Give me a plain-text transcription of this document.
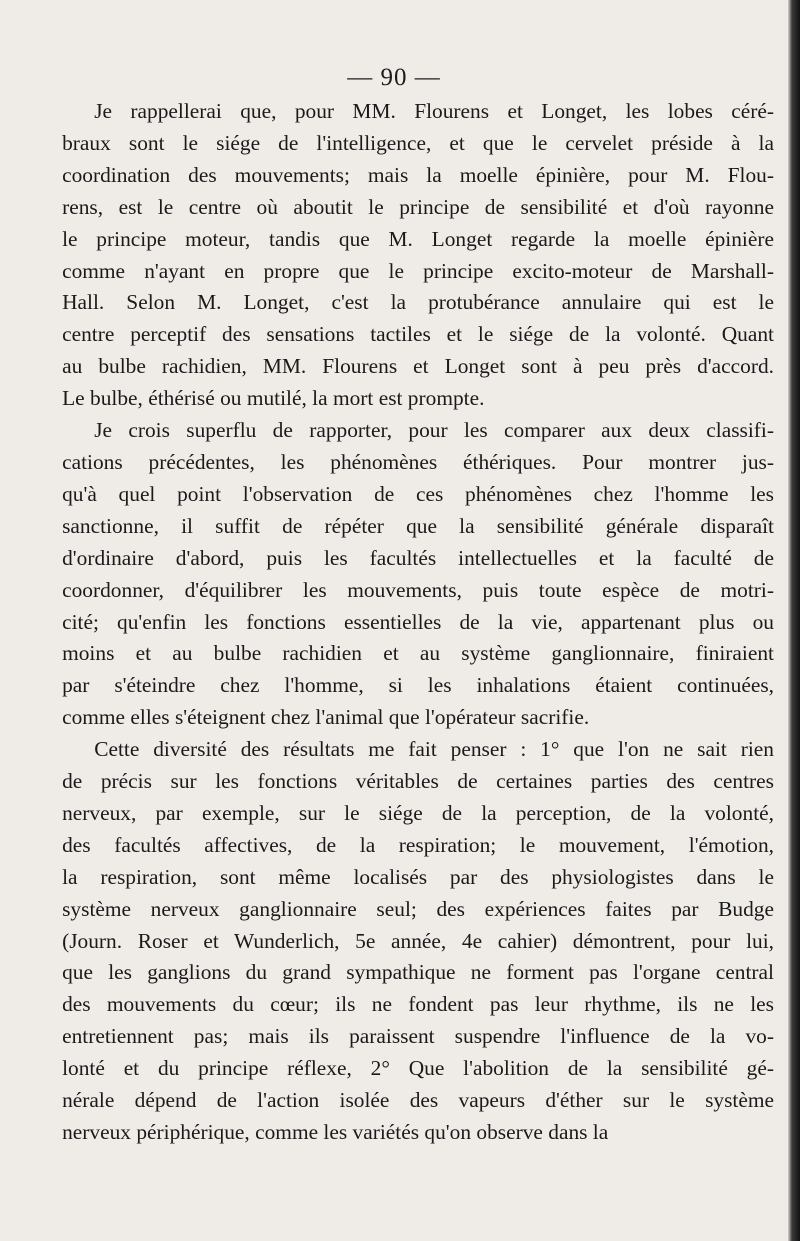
— 90 —

Je rappellerai que, pour MM. Flourens et Longet, les lobes céré-
braux sont le siége de l'intelligence, et que le cervelet préside à la
coordination des mouvements; mais la moelle épinière, pour M. Flou-
rens, est le centre où aboutit le principe de sensibilité et d'où rayonne
le principe moteur, tandis que M. Longet regarde la moelle épinière
comme n'ayant en propre que le principe excito-moteur de Marshall-
Hall. Selon M. Longet, c'est la protubérance annulaire qui est le
centre perceptif des sensations tactiles et le siége de la volonté. Quant
au bulbe rachidien, MM. Flourens et Longet sont à peu près d'accord.
Le bulbe, éthérisé ou mutilé, la mort est prompte.

Je crois superflu de rapporter, pour les comparer aux deux classifi-
cations précédentes, les phénomènes éthériques. Pour montrer jus-
qu'à quel point l'observation de ces phénomènes chez l'homme les
sanctionne, il suffit de répéter que la sensibilité générale disparaît
d'ordinaire d'abord, puis les facultés intellectuelles et la faculté de
coordonner, d'équilibrer les mouvements, puis toute espèce de motri-
cité; qu'enfin les fonctions essentielles de la vie, appartenant plus ou
moins et au bulbe rachidien et au système ganglionnaire, finiraient
par s'éteindre chez l'homme, si les inhalations étaient continuées,
comme elles s'éteignent chez l'animal que l'opérateur sacrifie.

Cette diversité des résultats me fait penser : 1° que l'on ne sait rien
de précis sur les fonctions véritables de certaines parties des centres
nerveux, par exemple, sur le siége de la perception, de la volonté,
des facultés affectives, de la respiration; le mouvement, l'émotion,
la respiration, sont même localisés par des physiologistes dans le
système nerveux ganglionnaire seul; des expériences faites par Budge
(Journ. Roser et Wunderlich, 5e année, 4e cahier) démontrent, pour lui,
que les ganglions du grand sympathique ne forment pas l'organe central
des mouvements du cœur; ils ne fondent pas leur rhythme, ils ne les
entretiennent pas; mais ils paraissent suspendre l'influence de la vo-
lonté et du principe réflexe, 2° Que l'abolition de la sensibilité gé-
nérale dépend de l'action isolée des vapeurs d'éther sur le système
nerveux périphérique, comme les variétés qu'on observe dans la
